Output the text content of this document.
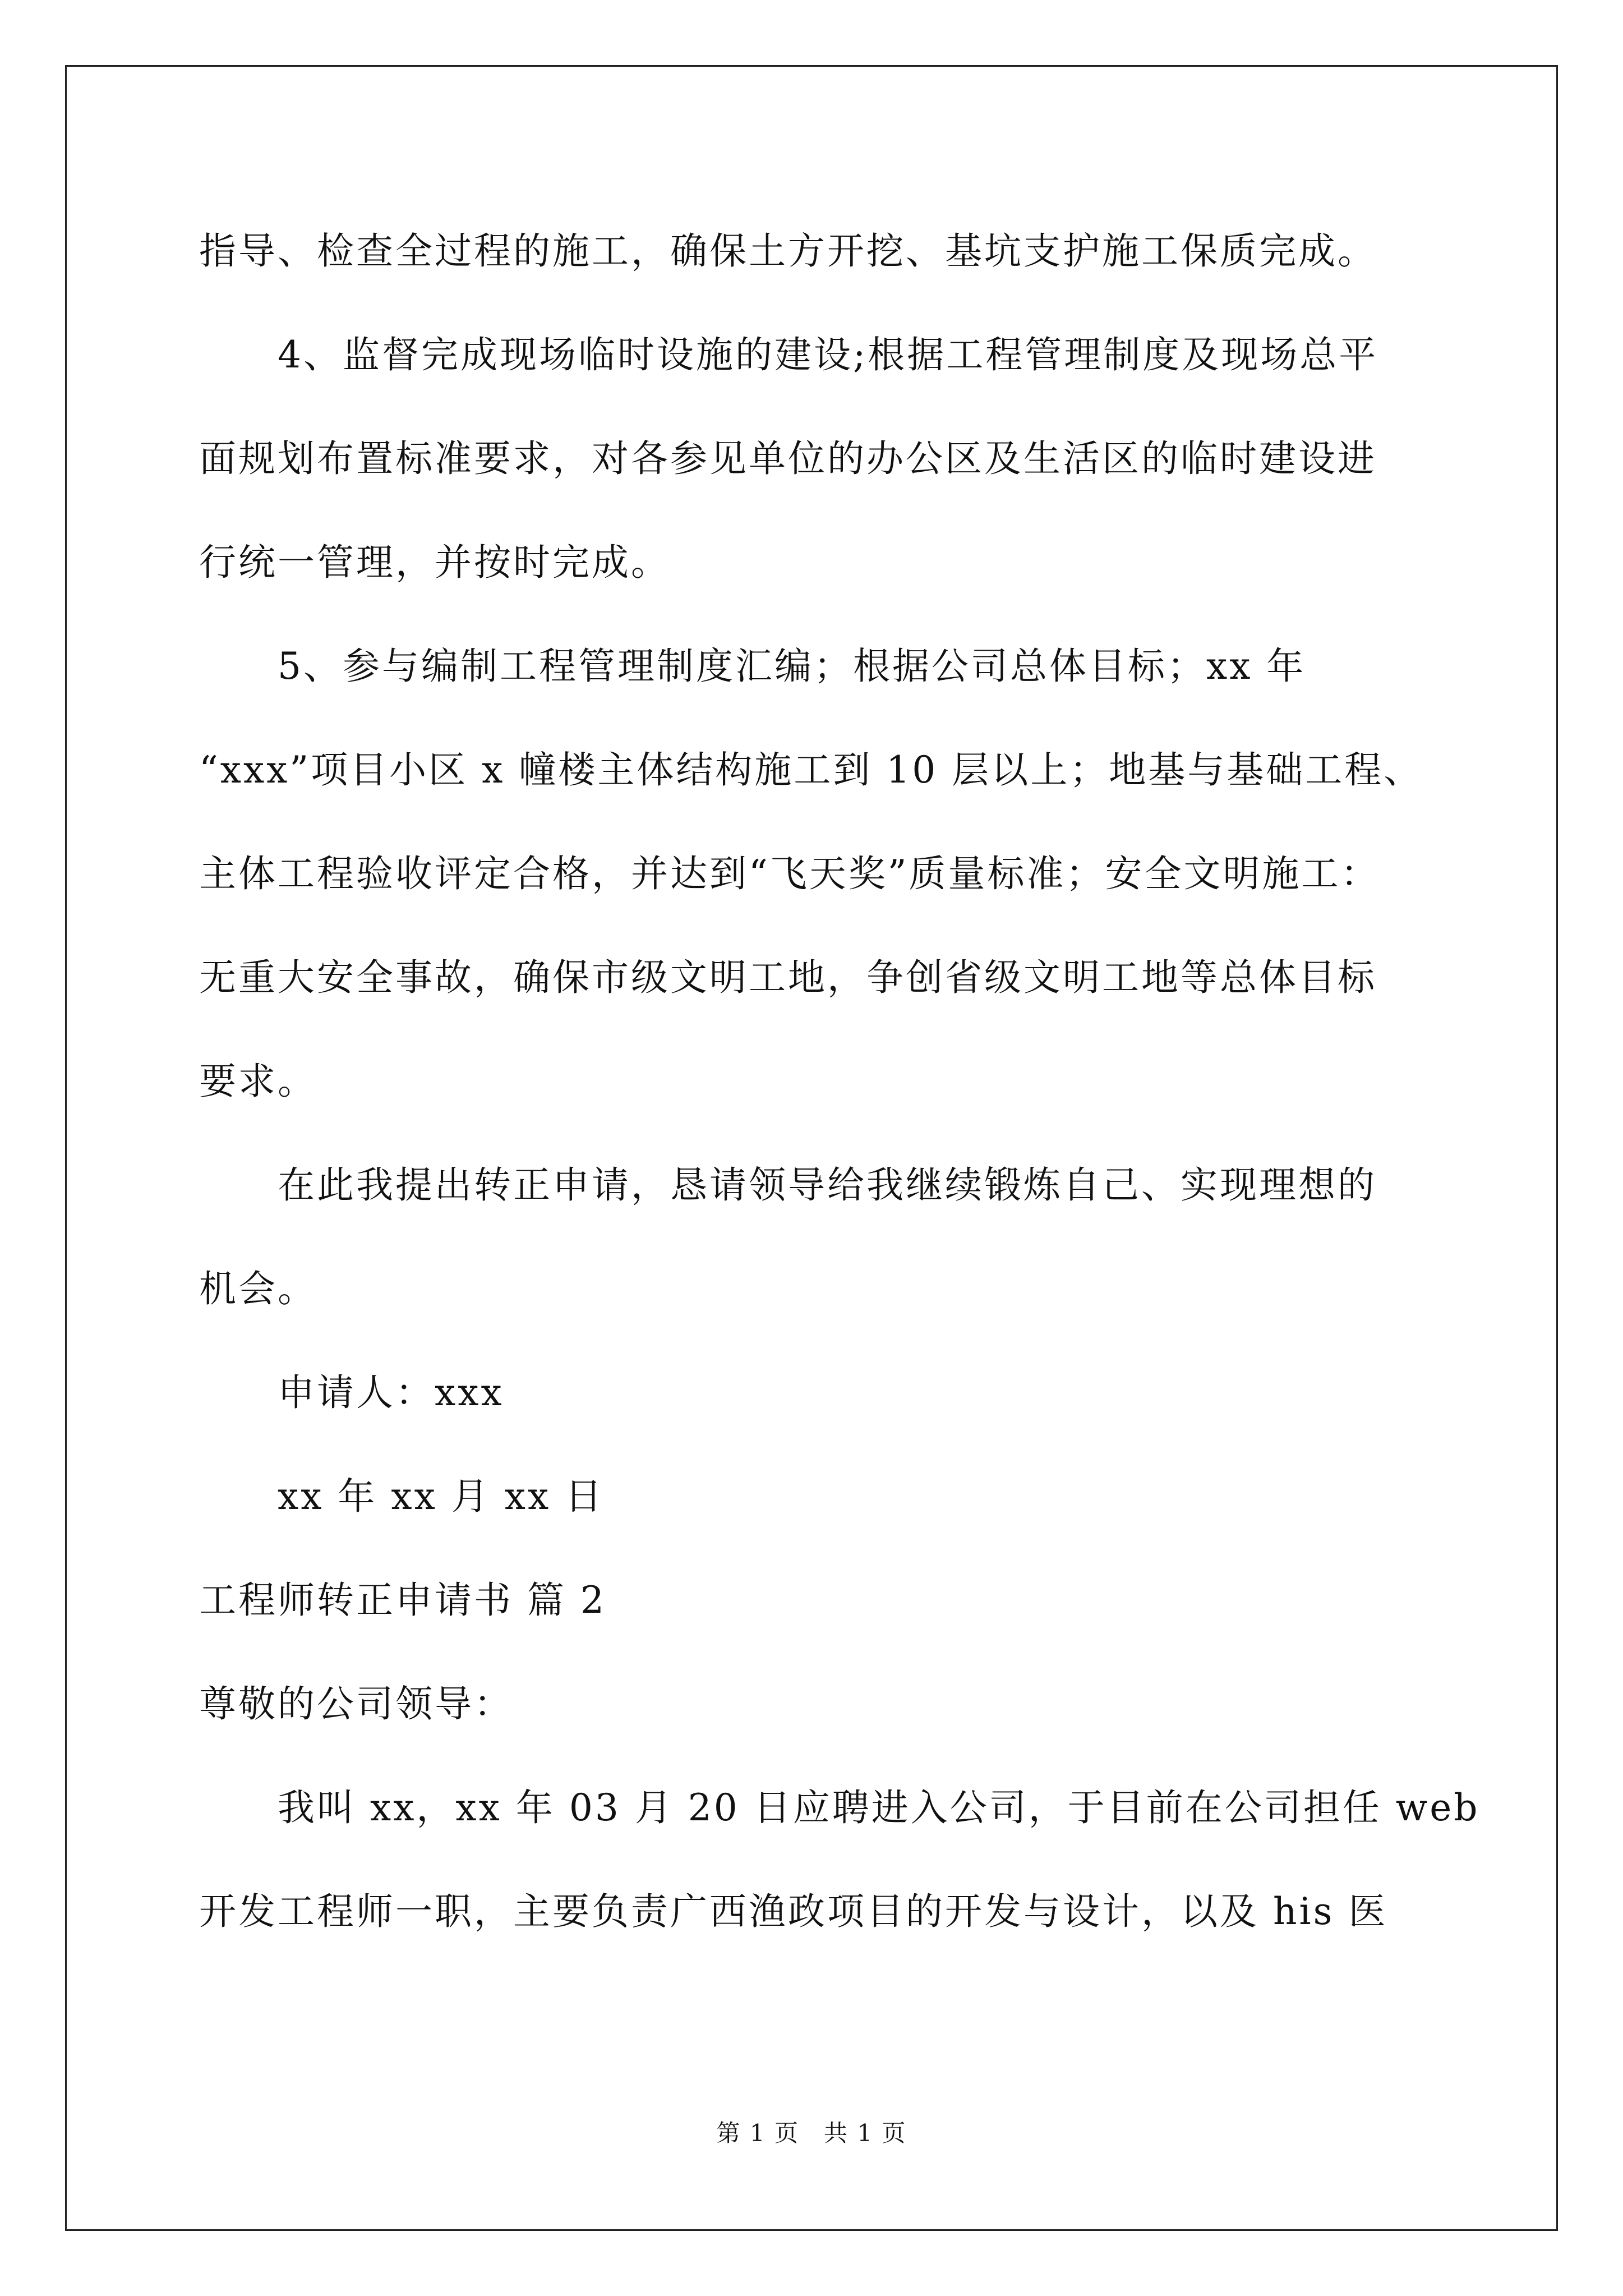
指导、检查全过程的施工，确保土方开挖、基坑支护施工保质完成。
4、监督完成现场临时设施的建设;根据工程管理制度及现场总平
面规划布置标准要求，对各参见单位的办公区及生活区的临时建设进
行统一管理，并按时完成。
5、参与编制工程管理制度汇编；根据公司总体目标；xx 年
“xxx”项目小区 x 幢楼主体结构施工到 10 层以上；地基与基础工程、
主体工程验收评定合格，并达到“飞天奖”质量标准；安全文明施工：
无重大安全事故，确保市级文明工地，争创省级文明工地等总体目标
要求。
在此我提出转正申请，恳请领导给我继续锻炼自己、实现理想的
机会。
申请人：xxx
xx 年 xx 月 xx 日
工程师转正申请书 篇 2
尊敬的公司领导：
我叫 xx，xx 年 03 月 20 日应聘进入公司，于目前在公司担任 web
开发工程师一职，主要负责广西渔政项目的开发与设计，以及 his 医
第 1 页　共 1 页
